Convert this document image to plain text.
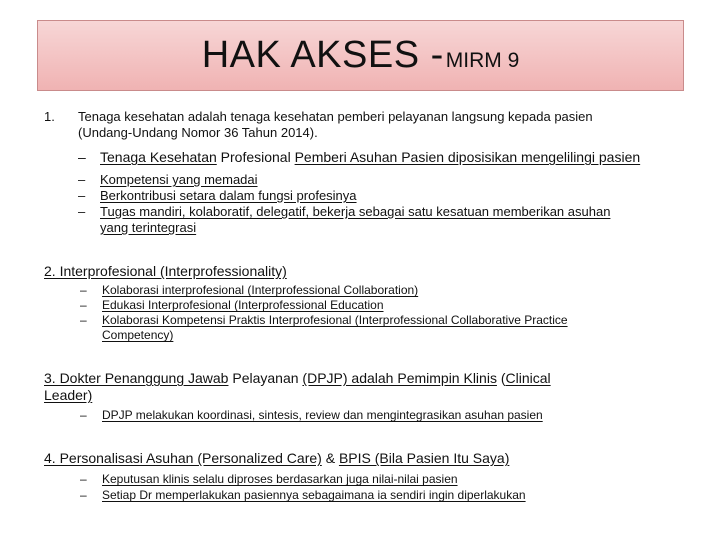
HAK AKSES - MIRM 9
1. Tenaga kesehatan adalah tenaga kesehatan pemberi pelayanan langsung kepada pasien
(Undang-Undang Nomor 36 Tahun 2014).
–	Tenaga Kesehatan Profesional Pemberi Asuhan Pasien diposisikan mengelilingi pasien
–	Kompetensi yang memadai
–	Berkontribusi setara dalam fungsi profesinya
–	Tugas mandiri, kolaboratif, delegatif, bekerja sebagai satu kesatuan memberikan asuhan
yang terintegrasi
2. Interprofesional (Interprofessionality)
–	Kolaborasi interprofesional (Interprofessional Collaboration)
–	Edukasi Interprofesional (Interprofessional Education
–	Kolaborasi Kompetensi Praktis Interprofesional (Interprofessional Collaborative Practice
Competency)
3. Dokter Penanggung Jawab Pelayanan (DPJP) adalah Pemimpin Klinis (Clinical
Leader)
–	DPJP melakukan koordinasi, sintesis, review dan mengintegrasikan asuhan pasien
4. Personalisasi Asuhan (Personalized Care) & BPIS (Bila Pasien Itu Saya)
–	Keputusan klinis selalu diproses berdasarkan juga nilai-nilai pasien
–	Setiap Dr memperlakukan pasiennya sebagaimana ia sendiri ingin diperlakukan
